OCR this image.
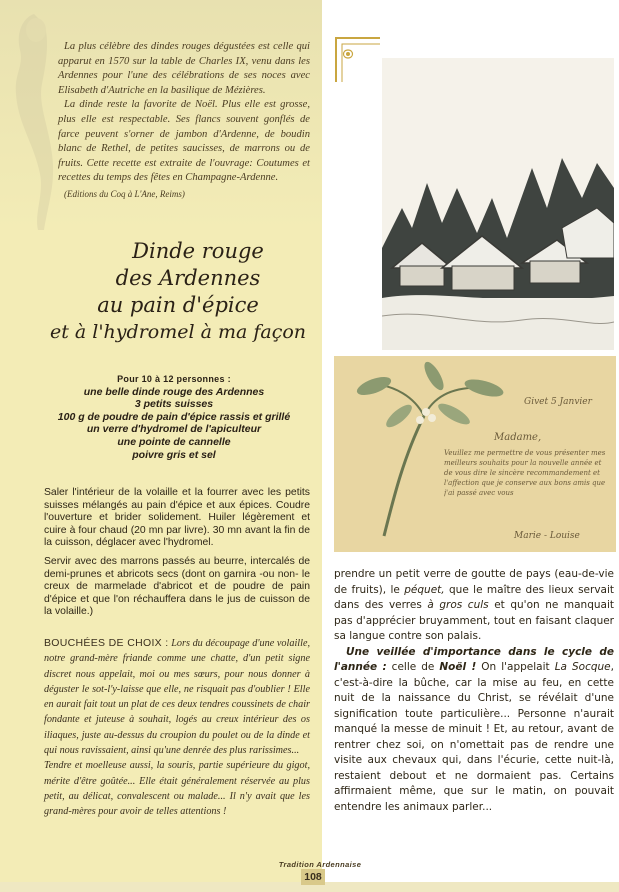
La plus célèbre des dindes rouges dégustées est celle qui apparut en 1570 sur la table de Charles IX, venu dans les Ardennes pour l'une des célébrations de ses noces avec Elisabeth d'Autriche en la basilique de Mézières.

La dinde reste la favorite de Noël. Plus elle est grosse, plus elle est respectable. Ses flancs souvent gonflés de farce peuvent s'orner de jambon d'Ardenne, de boudin blanc de Rethel, de petites saucisses, de marrons ou de fruits. Cette recette est extraite de l'ouvrage: Coutumes et recettes du temps des fêtes en Champagne-Ardenne.

(Editions du Coq à L'Ane, Reims)

Dinde rouge
des Ardennes
au pain d'épice
et à l'hydromel à ma façon
Pour 10 à 12 personnes :
une belle dinde rouge des Ardennes
3 petits suisses
100 g de poudre de pain d'épice rassis et grillé
un verre d'hydromel de l'apiculteur
une pointe de cannelle
poivre gris et sel

Saler l'intérieur de la volaille et la fourrer avec les petits suisses mélangés au pain d'épice et aux épices. Coudre l'ouverture et brider solidement. Huiler légèrement et cuire à four chaud (20 mn par livre). 30 mn avant la fin de la cuisson, déglacer avec l'hydromel.

Servir avec des marrons passés au beurre, intercalés de demi-prunes et abricots secs (dont on garnira -ou non- le creux de marmelade d'abricot et de poudre de pain d'épice et que l'on réchauffera dans le jus de cuisson de la volaille.)

BOUCHÉES DE CHOIX : Lors du découpage d'une volaille, notre grand-mère friande comme une chatte, d'un petit signe discret nous appelait, moi ou mes sœurs, pour nous donner à déguster le sot-l'y-laisse que elle, ne risquait pas d'oublier ! Elle en aurait fait tout un plat de ces deux tendres coussinets de chair fondante et juteuse à souhait, logés au creux intérieur des os iliaques, juste au-dessus du croupion du poulet ou de la dinde et qui nous ravissaient, ainsi qu'une denrée des plus rarissimes...

Tendre et moelleuse aussi, la souris, partie supérieure du gigot, mérite d'être goûtée... Elle était généralement réservée au plus petit, au délicat, convalescent ou malade... Il n'y avait que les grand-mères pour avoir de telles attentions !

Givet 5 Janvier
Madame,
Marie - Louise
Veuillez me permettre de vous présenter mes meilleurs souhaits pour la nouvelle année et de vous dire le sincère recommandement et l'affection que je conserve aux bons amis que j'ai passé avec vous

prendre un petit verre de goutte de pays (eau-de-vie de fruits), le péquet, que le maître des lieux servait dans des verres à gros culs et qu'on ne manquait pas d'apprécier bruyamment, tout en faisant claquer sa langue contre son palais.

Une veillée d'importance dans le cycle de l'année : celle de Noël ! On l'appelait La Socque, c'est-à-dire la bûche, car la mise au feu, en cette nuit de la naissance du Christ, se révélait d'une signification toute particulière... Personne n'aurait manqué la messe de minuit ! Et, au retour, avant de rentrer chez soi, on n'omettait pas de rendre une visite aux chevaux qui, dans l'écurie, cette nuit-là, restaient debout et ne dormaient pas. Certains affirmaient même, que sur le matin, on pouvait entendre les animaux parler...

Tradition Ardennaise
108
